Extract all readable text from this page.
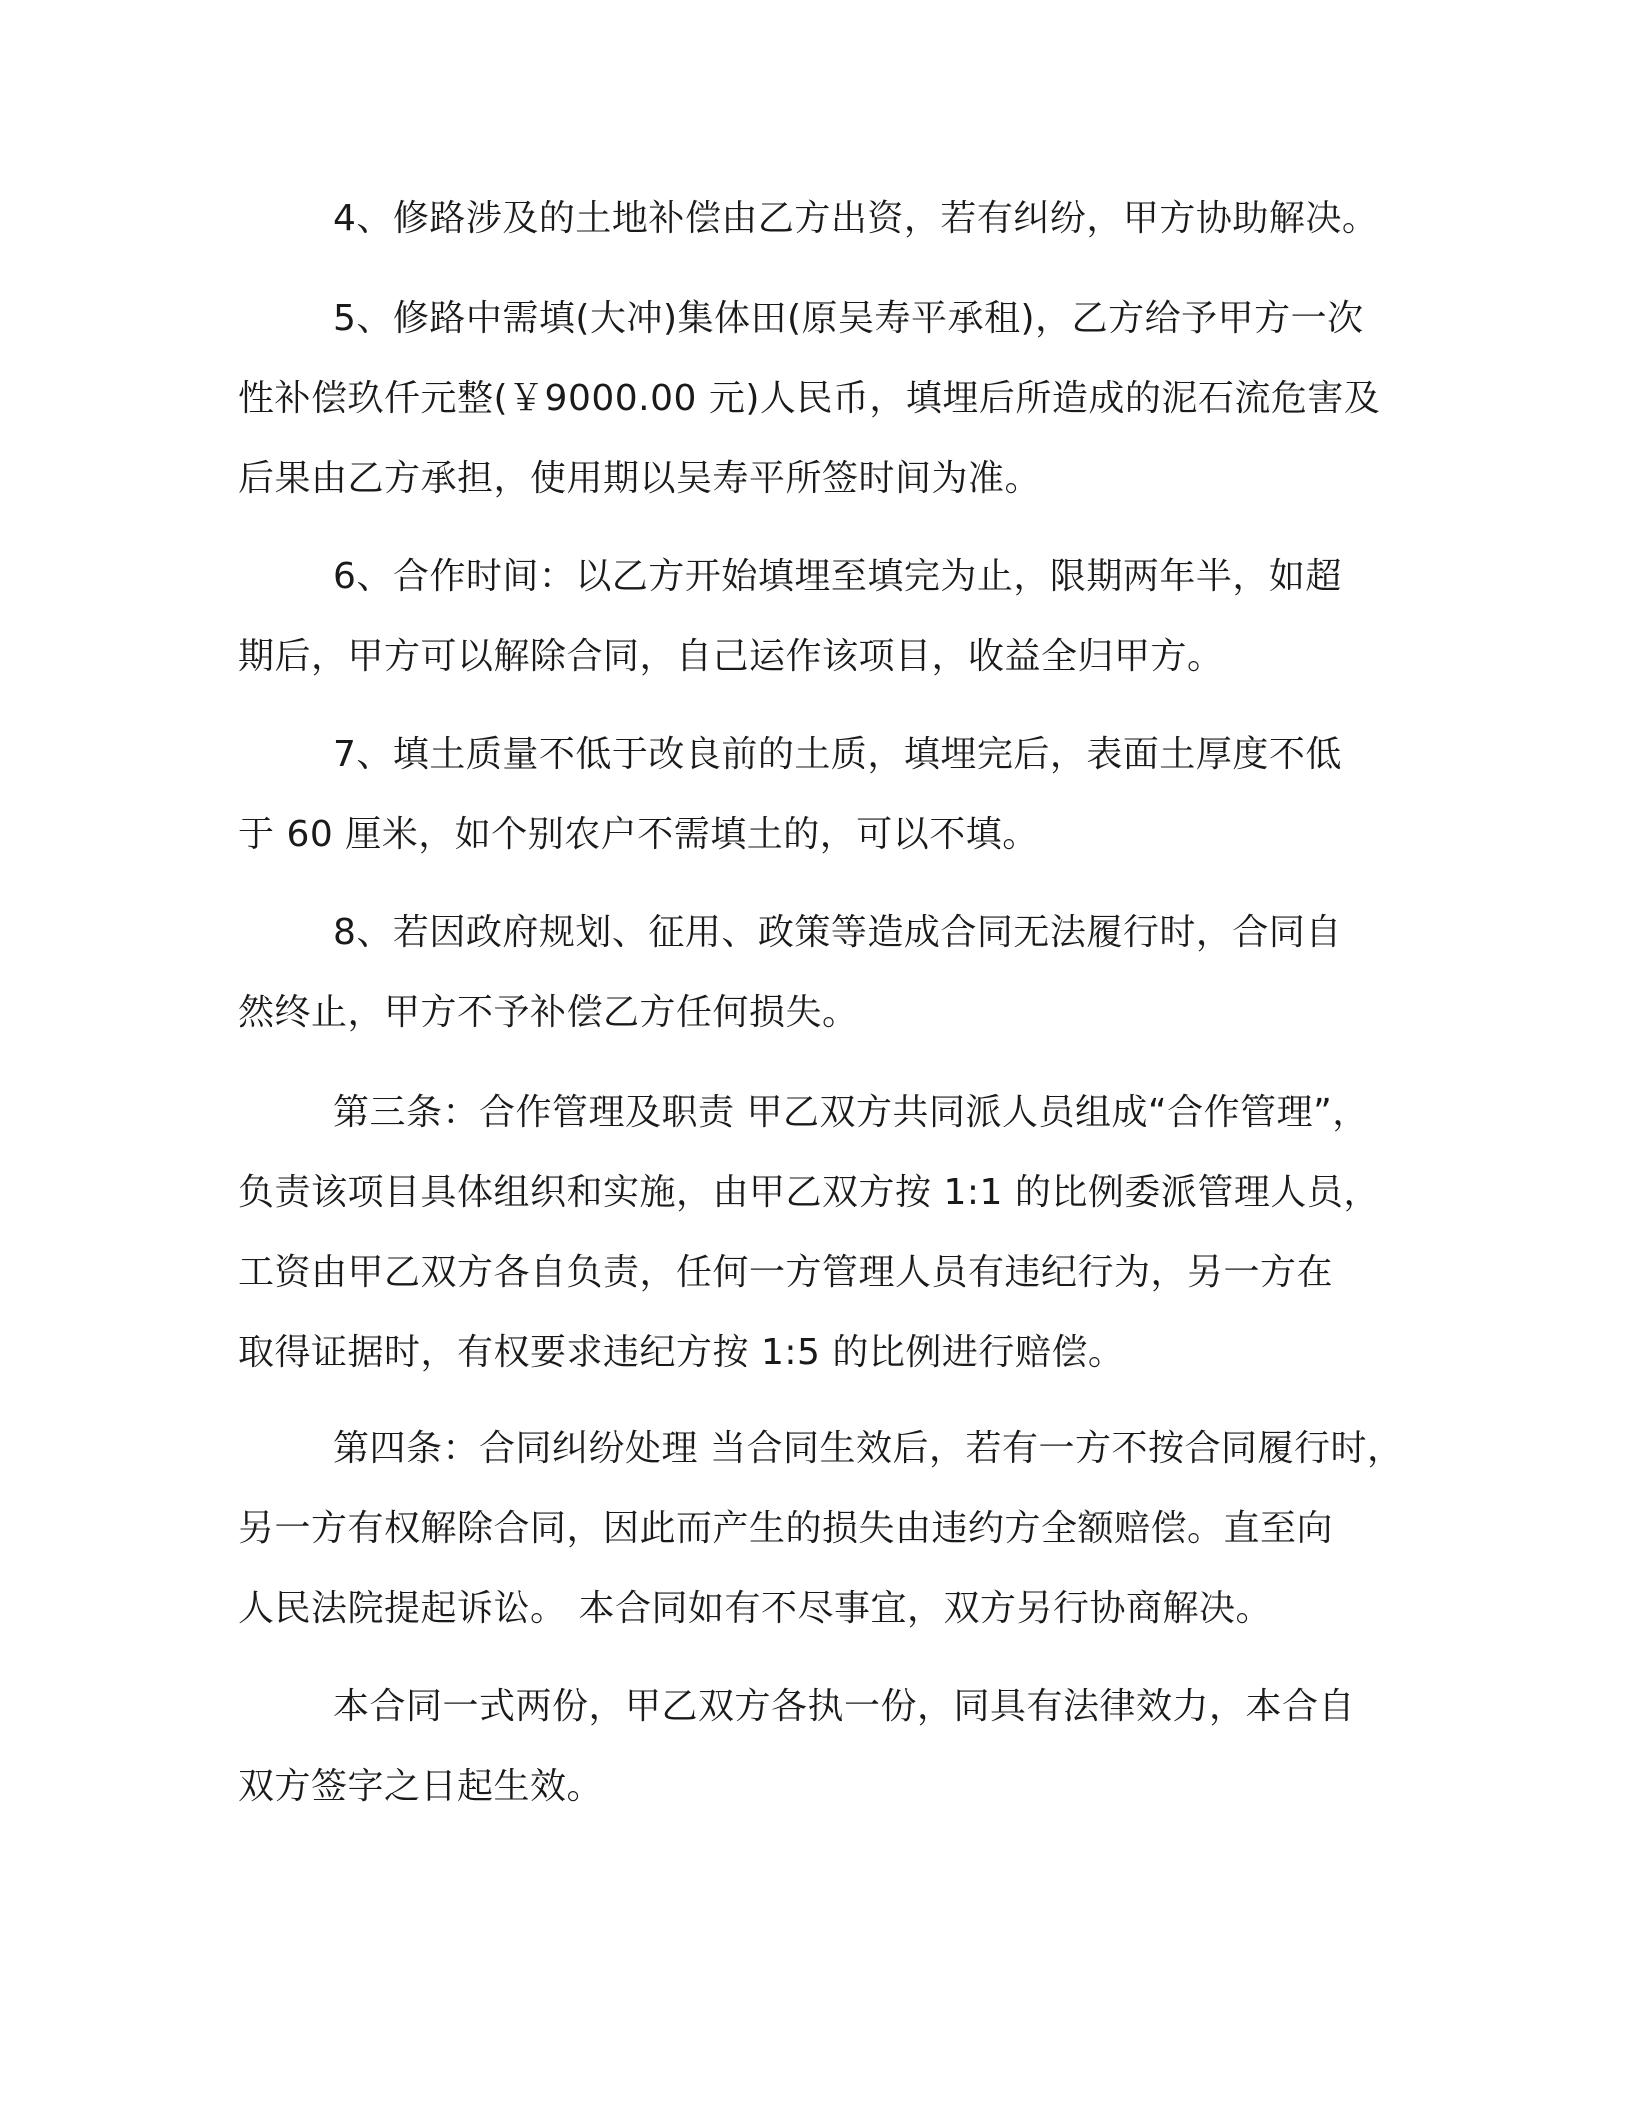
4、修路涉及的土地补偿由乙方出资，若有纠纷，甲方协助解决。
5、修路中需填(大冲)集体田(原吴寿平承租)，乙方给予甲方一次
性补偿玖仟元整(￥9000.00 元)人民币，填埋后所造成的泥石流危害及
后果由乙方承担，使用期以吴寿平所签时间为准。
6、合作时间：以乙方开始填埋至填完为止，限期两年半，如超
期后，甲方可以解除合同，自己运作该项目，收益全归甲方。
7、填土质量不低于改良前的土质，填埋完后，表面土厚度不低
于 60 厘米，如个别农户不需填土的，可以不填。
8、若因政府规划、征用、政策等造成合同无法履行时，合同自
然终止，甲方不予补偿乙方任何损失。
第三条：合作管理及职责 甲乙双方共同派人员组成“合作管理”，
负责该项目具体组织和实施，由甲乙双方按 1:1 的比例委派管理人员，
工资由甲乙双方各自负责，任何一方管理人员有违纪行为，另一方在
取得证据时，有权要求违纪方按 1:5 的比例进行赔偿。
第四条：合同纠纷处理 当合同生效后，若有一方不按合同履行时，
另一方有权解除合同，因此而产生的损失由违约方全额赔偿。直至向
人民法院提起诉讼。 本合同如有不尽事宜，双方另行协商解决。
本合同一式两份，甲乙双方各执一份，同具有法律效力，本合自
双方签字之日起生效。
